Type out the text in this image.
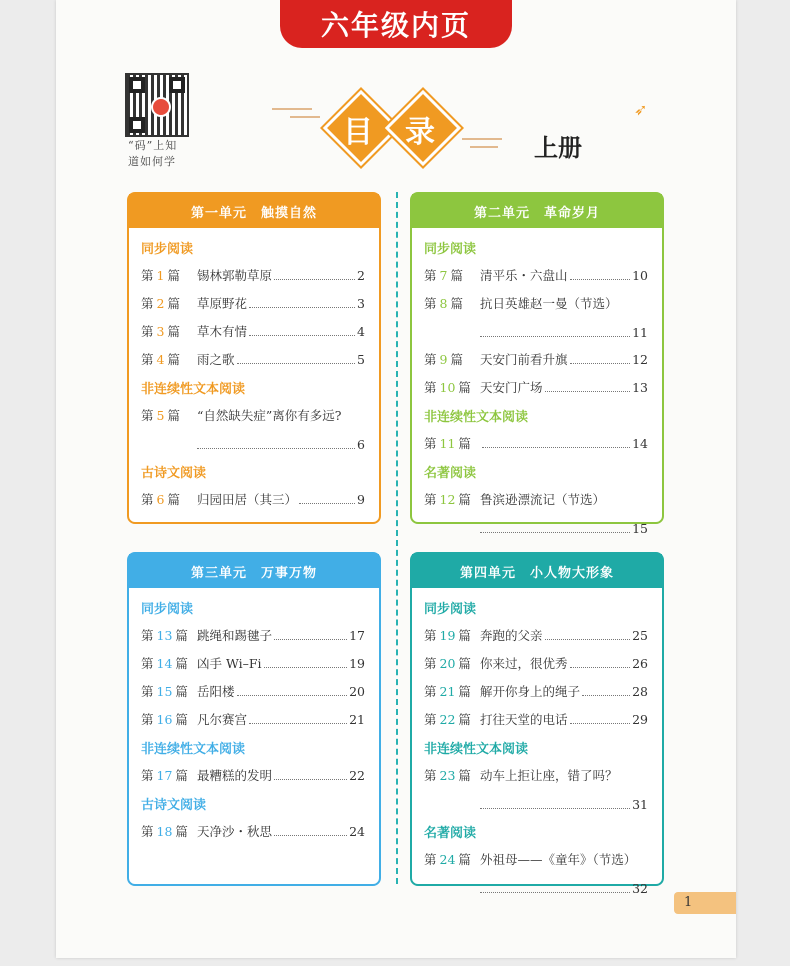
六年级内页
“码”上知
道如何学
目	录	上册
➶
第一单元 触摸自然
同步阅读
第 1 篇	锡林郭勒草原	2
第 2 篇	草原野花	3
第 3 篇	草木有情	4
第 4 篇	雨之歌	5
非连续性文本阅读
第 5 篇	“自然缺失症”离你有多远?
6
古诗文阅读
第 6 篇	归园田居（其三）	9
第二单元 革命岁月
同步阅读
第 7 篇	清平乐・六盘山	10
第 8 篇	抗日英雄赵一曼（节选）
11
第 9 篇	天安门前看升旗	12
第 10 篇 天安门广场	13
非连续性文本阅读
第 11 篇	14
名著阅读
第 12 篇 鲁滨逊漂流记（节选）
15
第三单元 万事万物
同步阅读
第 13 篇 跳绳和踢毽子	17
第 14 篇 凶手 Wi–Fi	19
第 15 篇 岳阳楼	20
第 16 篇 凡尔赛宫	21
非连续性文本阅读
第 17 篇 最糟糕的发明	22
古诗文阅读
第 18 篇 天净沙・秋思	24
第四单元 小人物大形象
同步阅读
第 19 篇 奔跑的父亲	25
第 20 篇 你来过，很优秀	26
第 21 篇 解开你身上的绳子	28
第 22 篇 打往天堂的电话	29
非连续性文本阅读
第 23 篇 动车上拒让座，错了吗？
31
名著阅读
第 24 篇 外祖母——《童年》（节选）
32
1
